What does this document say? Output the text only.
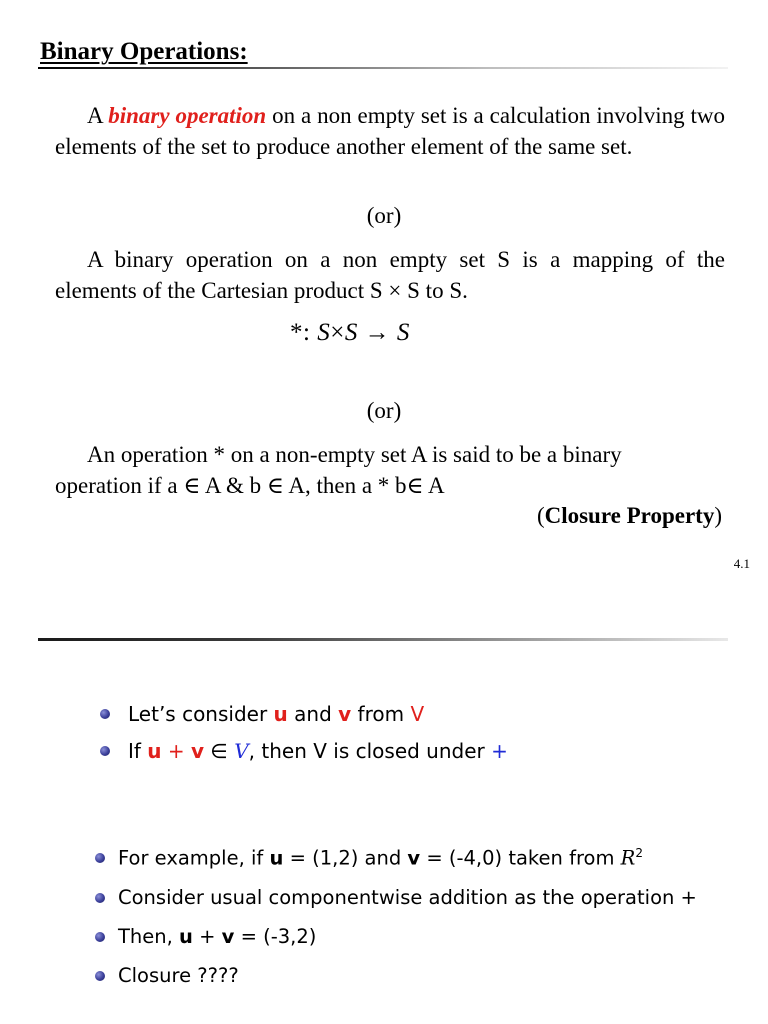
Binary Operations:

A binary operation on a non empty set is a calculation involving two elements of the set to produce another element of the same set.

(or)

A binary operation on a non empty set S is a mapping of the elements of the Cartesian product S × S to S.

*: S×S → S
(or)

An operation * on a non-empty set A is said to be a binary

operation if a ∈ A & b ∈ A, then a * b∈ A

(Closure Property)
4.1
Let’s consider u and v from V
If u + v ∈ V, then V is closed under +
For example, if u = (1,2) and v = (-4,0) taken from $R^2$
Consider usual componentwise addition as the operation +
Then, u + v = (-3,2)
Closure ????
